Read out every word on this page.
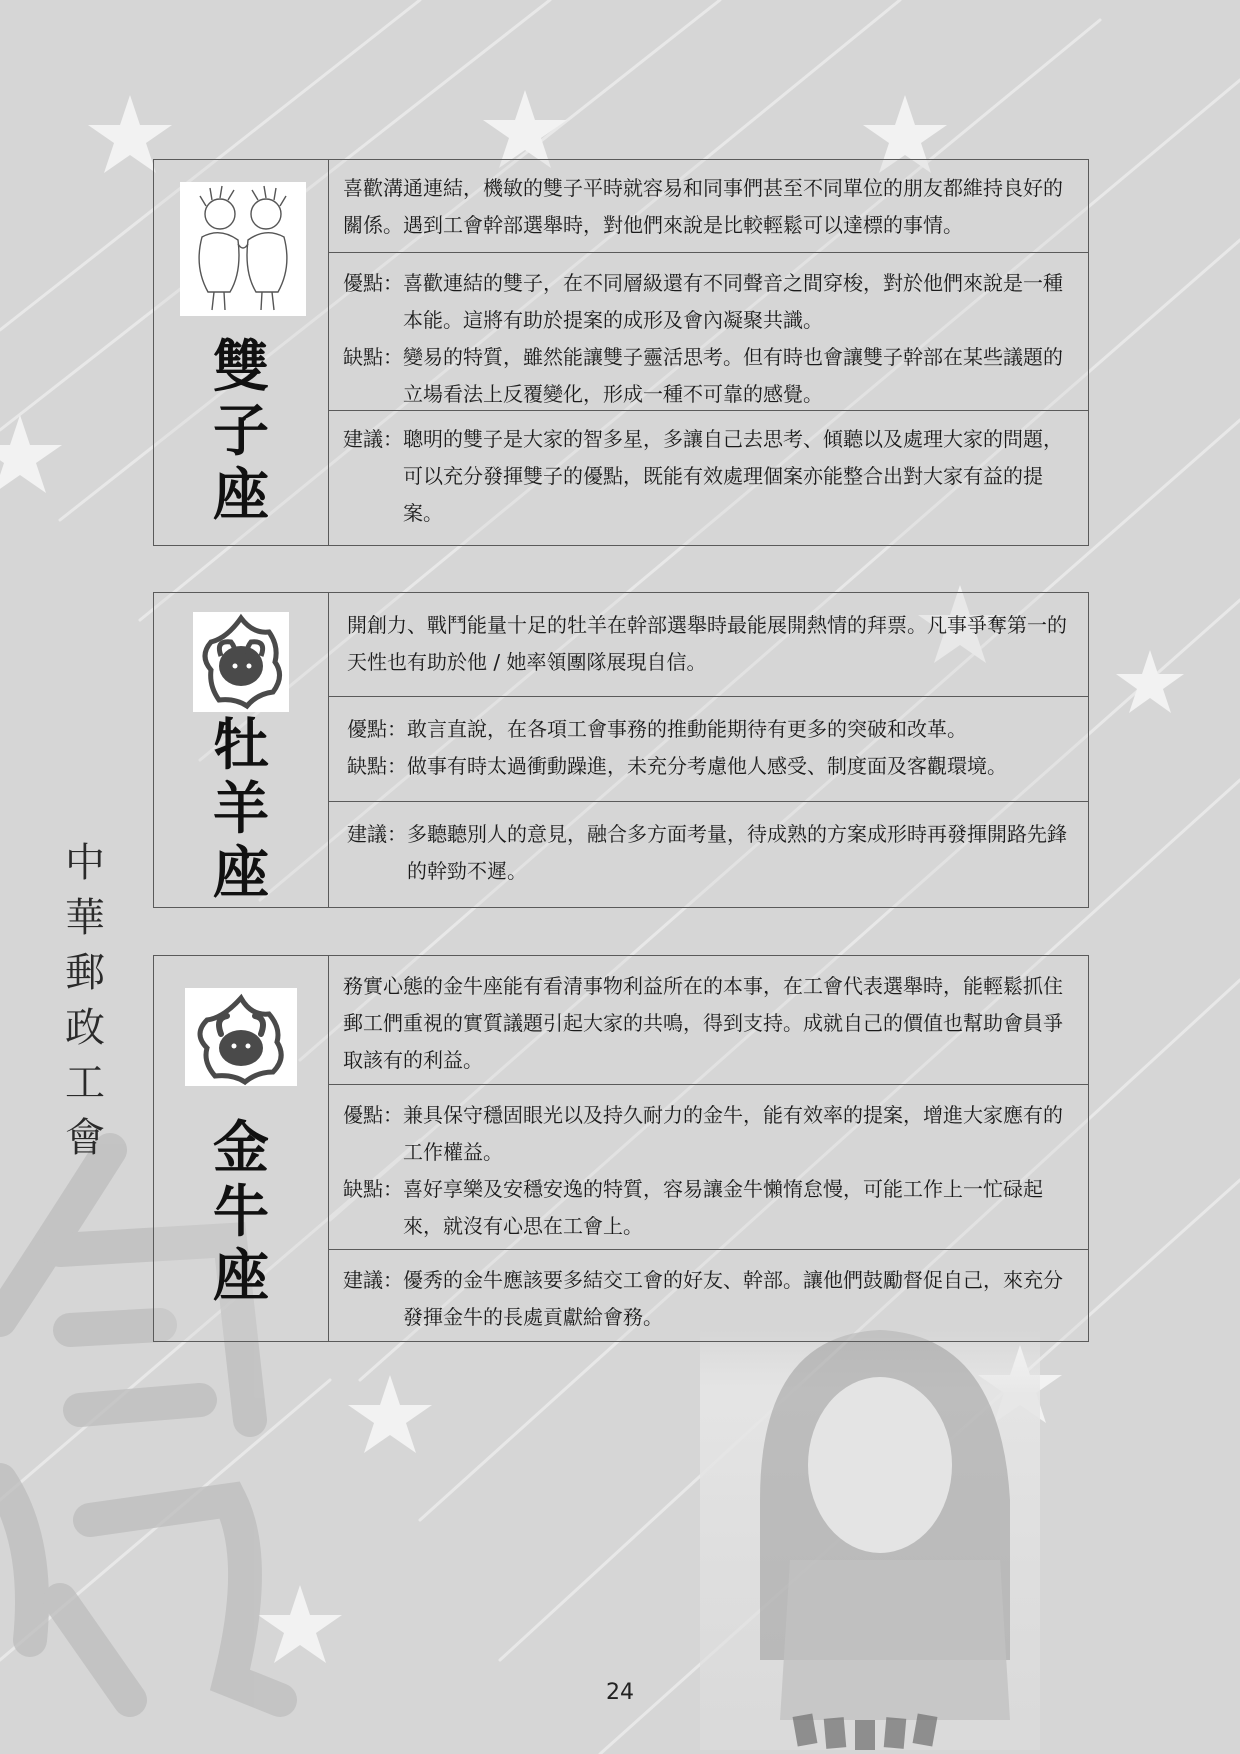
中
華
郵
政
工
會
雙
子
座
喜歡溝通連結，機敏的雙子平時就容易和同事們甚至不同單位的朋友都維持良好的關係。遇到工會幹部選舉時，對他們來說是比較輕鬆可以達標的事情。
優點： 喜歡連結的雙子，在不同層級還有不同聲音之間穿梭，對於他們來說是一種本能。這將有助於提案的成形及會內凝聚共識。
缺點： 變易的特質，雖然能讓雙子靈活思考。但有時也會讓雙子幹部在某些議題的立場看法上反覆變化，形成一種不可靠的感覺。
建議： 聰明的雙子是大家的智多星，多讓自己去思考、傾聽以及處理大家的問題，可以充分發揮雙子的優點，既能有效處理個案亦能整合出對大家有益的提案。
牡
羊
座
開創力、戰鬥能量十足的牡羊在幹部選舉時最能展開熱情的拜票。凡事爭奪第一的天性也有助於他 / 她率領團隊展現自信。
優點： 敢言直說，在各項工會事務的推動能期待有更多的突破和改革。
缺點： 做事有時太過衝動躁進，未充分考慮他人感受、制度面及客觀環境。
建議： 多聽聽別人的意見，融合多方面考量，待成熟的方案成形時再發揮開路先鋒的幹勁不遲。
金
牛
座
務實心態的金牛座能有看清事物利益所在的本事，在工會代表選舉時，能輕鬆抓住郵工們重視的實質議題引起大家的共鳴，得到支持。成就自己的價值也幫助會員爭取該有的利益。
優點： 兼具保守穩固眼光以及持久耐力的金牛，能有效率的提案，增進大家應有的工作權益。
缺點： 喜好享樂及安穩安逸的特質，容易讓金牛懶惰怠慢，可能工作上一忙碌起來，就沒有心思在工會上。
建議： 優秀的金牛應該要多結交工會的好友、幹部。讓他們鼓勵督促自己，來充分發揮金牛的長處貢獻給會務。
24
